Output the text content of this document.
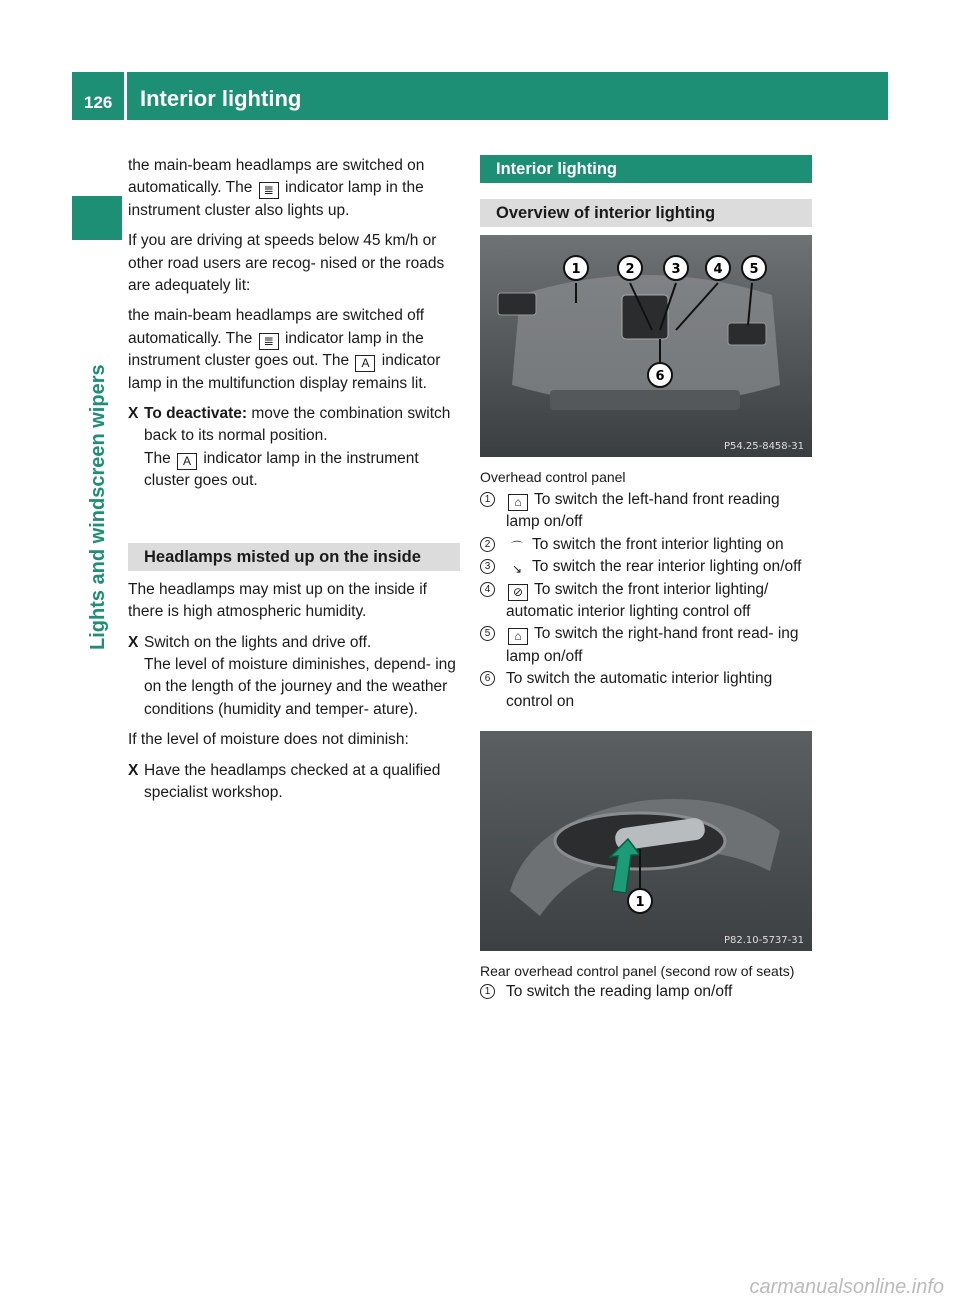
126 Interior lighting
Lights and windscreen wipers

the main-beam headlamps are switched on automatically. The ≣ indicator lamp in the instrument cluster also lights up.

If you are driving at speeds below 45 km/h or other road users are recog- nised or the roads are adequately lit:

the main-beam headlamps are switched off automatically. The ≣ indicator lamp in the instrument cluster goes out. The A indicator lamp in the multifunction display remains lit.

X To deactivate: move the combination switch back to its normal position.

The A indicator lamp in the instrument cluster goes out.

Headlamps misted up on the inside

The headlamps may mist up on the inside if there is high atmospheric humidity.

X Switch on the lights and drive off.

The level of moisture diminishes, depend- ing on the length of the journey and the weather conditions (humidity and temper- ature).

If the level of moisture does not diminish:

X Have the headlamps checked at a qualified specialist workshop.

Interior lighting
Overview of interior lighting
1	2	3	4 5
6
P54.25-8458-31
Overhead control panel

1	⌂ To switch the left-hand front reading lamp on/off

2	⌒ To switch the front interior lighting on

3	↘ To switch the rear interior lighting on/off

4	⊘ To switch the front interior lighting/ automatic interior lighting control off

5	⌂ To switch the right-hand front read- ing lamp on/off

6	To switch the automatic interior lighting control on

1
P82.10-5737-31
Rear overhead control panel (second row of seats)

1	To switch the reading lamp on/off

carmanualsonline.info
